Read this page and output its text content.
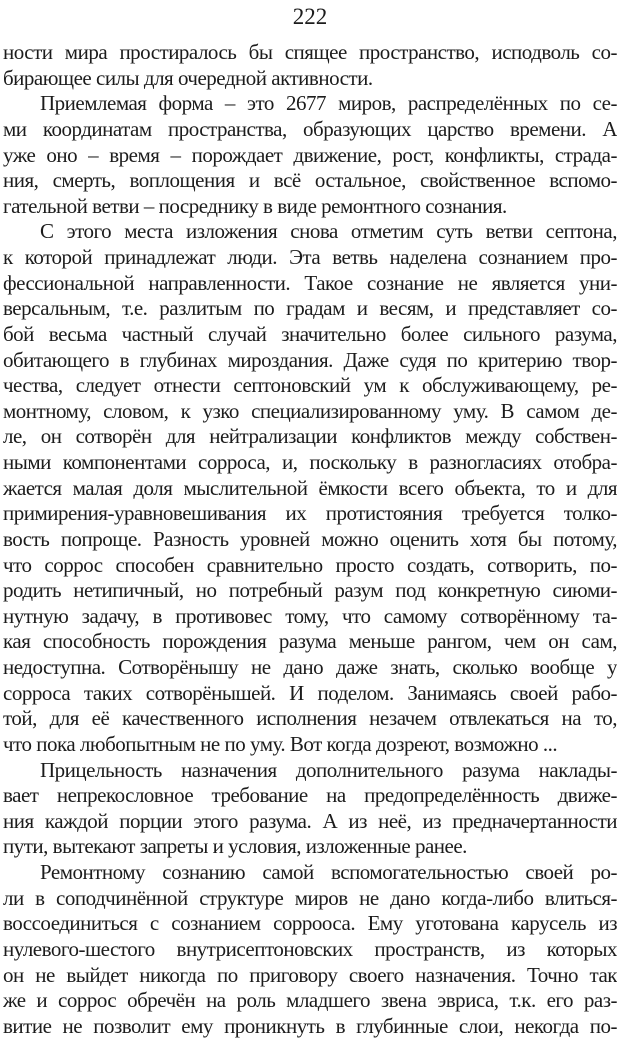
222
ности мира простиралось бы спящее пространство, исподволь со-
бирающее силы для очередной активности.
Приемлемая форма – это 2677 миров, распределённых по се-
ми координатам пространства, образующих царство времени. А
уже оно – время – порождает движение, рост, конфликты, страда-
ния, смерть, воплощения и всё остальное, свойственное вспомо-
гательной ветви – посреднику в виде ремонтного сознания.
С этого места изложения снова отметим суть ветви септона,
к которой принадлежат люди. Эта ветвь наделена сознанием про-
фессиональной направленности. Такое сознание не является уни-
версальным, т.е. разлитым по градам и весям, и представляет со-
бой весьма частный случай значительно более сильного разума,
обитающего в глубинах мироздания. Даже судя по критерию твор-
чества, следует отнести септоновский ум к обслуживающему, ре-
монтному, словом, к узко специализированному уму. В самом де-
ле, он сотворён для нейтрализации конфликтов между собствен-
ными компонентами сорроса, и, поскольку в разногласиях отобра-
жается малая доля мыслительной ёмкости всего объекта, то и для
примирения-уравновешивания их протистояния требуется толко-
вость попроще. Разность уровней можно оценить хотя бы потому,
что соррос способен сравнительно просто создать, сотворить, по-
родить нетипичный, но потребный разум под конкретную сиюми-
нутную задачу, в противовес тому, что самому сотворённому та-
кая способность порождения разума меньше рангом, чем он сам,
недоступна. Сотворёнышу не дано даже знать, сколько вообще у
сорроса таких сотворёнышей. И поделом. Занимаясь своей рабо-
той, для её качественного исполнения незачем отвлекаться на то,
что пока любопытным не по уму. Вот когда дозреют, возможно ...
Прицельность назначения дополнительного разума наклады-
вает непрекословное требование на предопределённость движе-
ния каждой порции этого разума. А из неё, из предначертанности
пути, вытекают запреты и условия, изложенные ранее.
Ремонтному сознанию самой вспомогательностью своей ро-
ли в соподчинённой структуре миров не дано когда-либо влиться-
воссоединиться с сознанием соррооса. Ему уготована карусель из
нулевого-шестого внутрисептоновских пространств, из которых
он не выйдет никогда по приговору своего назначения. Точно так
же и соррос обречён на роль младшего звена эвриса, т.к. его раз-
витие не позволит ему проникнуть в глубинные слои, некогда по-
